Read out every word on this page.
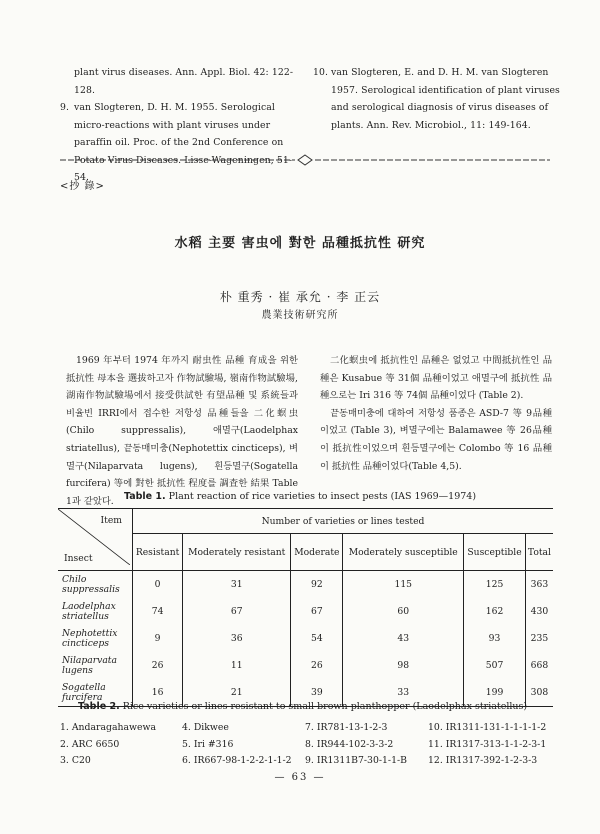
plant virus diseases. Ann. Appl. Biol. 42: 122-128.
9. van Slogteren, D. H. M. 1955. Serological micro-reactions with plant viruses under paraffin oil. Proc. of the 2nd Conference on Potato Virus Diseases. Lisse-Wageningen, 51-54.
10. van Slogteren, E. and D. H. M. van Slogteren 1957. Serological identification of plant viruses and serological diagnosis of virus diseases of plants. Ann. Rev. Microbiol., 11: 149-164.
<抄 錄>
水稻 主要 害虫에 對한 品種抵抗性 研究
朴 重秀 · 崔 承允 · 李 正云
農業技術研究所

1969 年부터 1974 年까지 耐虫性 品種 育成을 위한 抵抗性 母本을 選拔하고자 作物試驗場, 嶺南作物試驗場, 湖南作物試驗場에서 接受供試한 有望品種 및 系統들과 비율빈 IRRI에서 접수한 저항성 品種들을 二化螟虫 (Chilo suppressalis), 애멸구(Laodelphax striatellus), 끝동매미충(Nephotettix cincticeps), 벼멸구(Nilaparvata lugens), 흰등멸구(Sogatella furcifera) 等에 對한 抵抗性 程度를 調査한 結果 Table 1과 같았다.

二化螟虫에 抵抗性인 品種은 없었고 中間抵抗性인 品種은 Kusabue 等 31個 品種이었고 애멸구에 抵抗性 品種으로는 Iri 316 等 74個 品種이었다 (Table 2).

끝동매미충에 대하여 저항성 품종은 ASD-7 等 9品種이었고 (Table 3), 벼멸구에는 Balamawee 等 26品種이 抵抗性이었으며 흰등멸구에는 Colombo 等 16 品種이 抵抗性 品種이었다(Table 4,5).

Table 1. Plant reaction of rice varieties to insect pests (IAS 1969—1974)
Item
Insect	Number of varieties or lines tested					
	Resistant	Moderately resistant	Moderate	Moderately susceptible	Susceptible	Total
Chilo suppressalis	0	31	92	115	125	363
Laodelphax striatellus	74	67	67	60	162	430
Nephotettix cincticeps	9	36	54	43	93	235
Nilaparvata lugens	26	11	26	98	507	668
Sogatella furcifera	16	21	39	33	199	308
Table 2. Rice varieties or lines resistant to small brown planthopper (Laodelphax striatellus)
1. Andaragahawewa
2. ARC 6650
3. C20
4. Dikwee
5. Iri #316
6. IR667-98-1-2-2-1-1-2
7. IR781-13-1-2-3
8. IR944-102-3-3-2
9. IR1311B7-30-1-1-B
10. IR1311-131-1-1-1-1-2
11. IR1317-313-1-1-2-3-1
12. IR1317-392-1-2-3-3
— 63 —
